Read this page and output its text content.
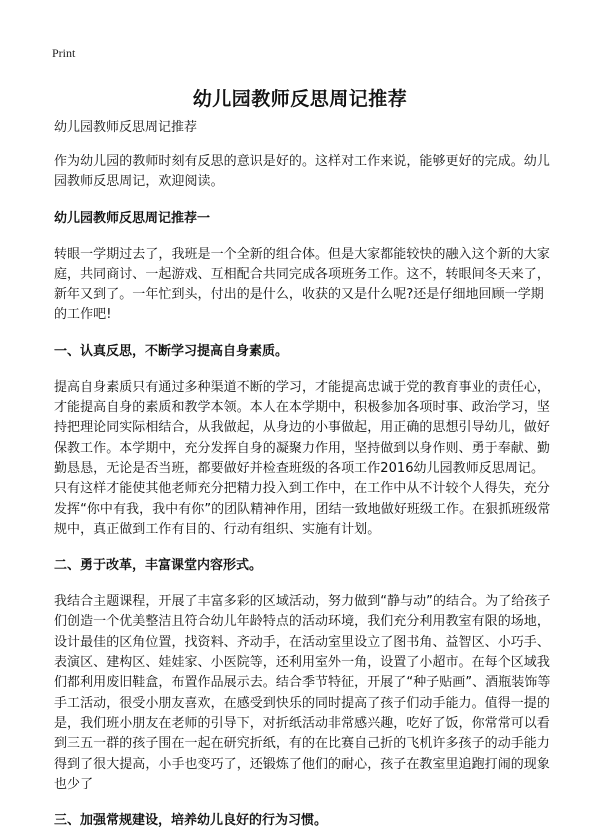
Print
幼儿园教师反思周记推荐

幼儿园教师反思周记推荐

作为幼儿园的教师时刻有反思的意识是好的。这样对工作来说，能够更好的完成。幼儿园教师反思周记，欢迎阅读。

幼儿园教师反思周记推荐一

转眼一学期过去了，我班是一个全新的组合体。但是大家都能较快的融入这个新的大家庭，共同商讨、一起游戏、互相配合共同完成各项班务工作。这不，转眼间冬天来了，新年又到了。一年忙到头，付出的是什么，收获的又是什么呢?还是仔细地回顾一学期的工作吧!

一、认真反思，不断学习提高自身素质。

提高自身素质只有通过多种渠道不断的学习，才能提高忠诚于党的教育事业的责任心，才能提高自身的素质和教学本领。本人在本学期中，积极参加各项时事、政治学习，坚持把理论同实际相结合，从我做起，从身边的小事做起，用正确的思想引导幼儿，做好保教工作。本学期中，充分发挥自身的凝聚力作用，坚持做到以身作则、勇于奉献、勤勤恳恳，无论是否当班，都要做好并检查班级的各项工作2016幼儿园教师反思周记。只有这样才能使其他老师充分把精力投入到工作中，在工作中从不计较个人得失，充分发挥“你中有我，我中有你”的团队精神作用，团结一致地做好班级工作。在狠抓班级常规中，真正做到工作有目的、行动有组织、实施有计划。

二、勇于改革，丰富课堂内容形式。

我结合主题课程，开展了丰富多彩的区域活动，努力做到“静与动”的结合。为了给孩子们创造一个优美整洁且符合幼儿年龄特点的活动环境，我们充分利用教室有限的场地，设计最佳的区角位置，找资料、齐动手，在活动室里设立了图书角、益智区、小巧手、表演区、建构区、娃娃家、小医院等，还利用室外一角，设置了小超市。在每个区域我们都利用废旧鞋盒，布置作品展示去。结合季节特征，开展了“种子贴画”、酒瓶装饰等手工活动，很受小朋友喜欢，在感受到快乐的同时提高了孩子们动手能力。值得一提的 是，我们班小朋友在老师的引导下，对折纸活动非常感兴趣，吃好了饭，你常常可以看到三五一群的孩子围在一起在研究折纸，有的在比赛自己折的飞机许多孩子的动手能力得到了很大提高，小手也变巧了，还锻炼了他们的耐心，孩子在教室里追跑打闹的现象也少了

三、加强常规建设，培养幼儿良好的行为习惯。
